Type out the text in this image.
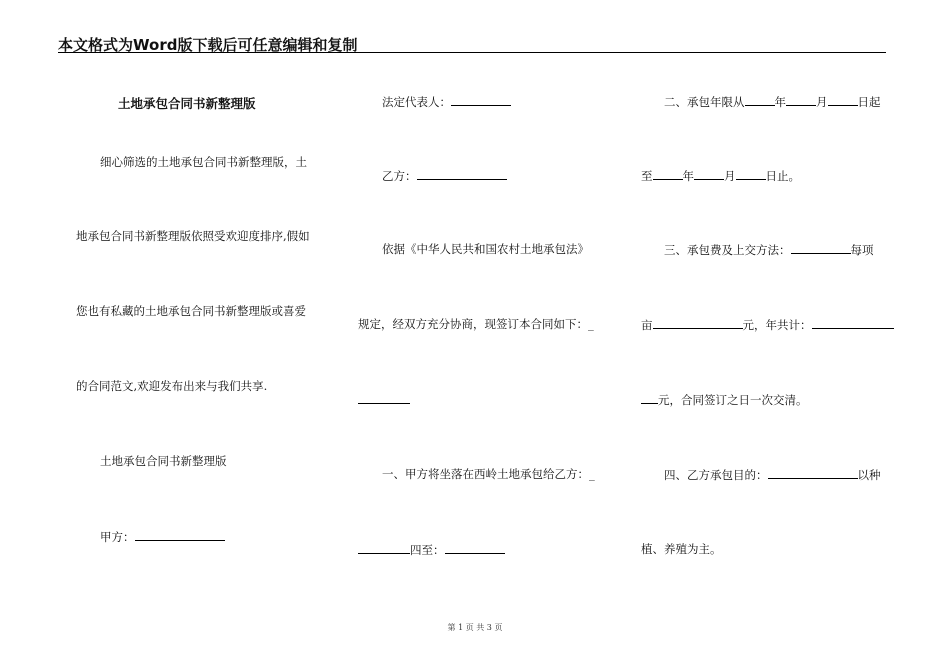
本文格式为Word版下载后可任意编辑和复制
土地承包合同书新整理版
细心筛选的土地承包合同书新整理版，土
地承包合同书新整理版依照受欢迎度排序,假如
您也有私藏的土地承包合同书新整理版或喜爱
的合同范文,欢迎发布出来与我们共享.
土地承包合同书新整理版
甲方：
法定代表人：
乙方：
依据《中华人民共和国农村土地承包法》
规定，经双方充分协商，现签订本合同如下：_
一、甲方将坐落在西岭土地承包给乙方：_
四至：
二、承包年限从	年	月	日起
至	年	月	日止。
三、承包费及上交方法：	每项
亩	元，年共计：
元，合同签订之日一次交清。
四、乙方承包目的：	以种
植、养殖为主。
第 1 页 共 3 页
